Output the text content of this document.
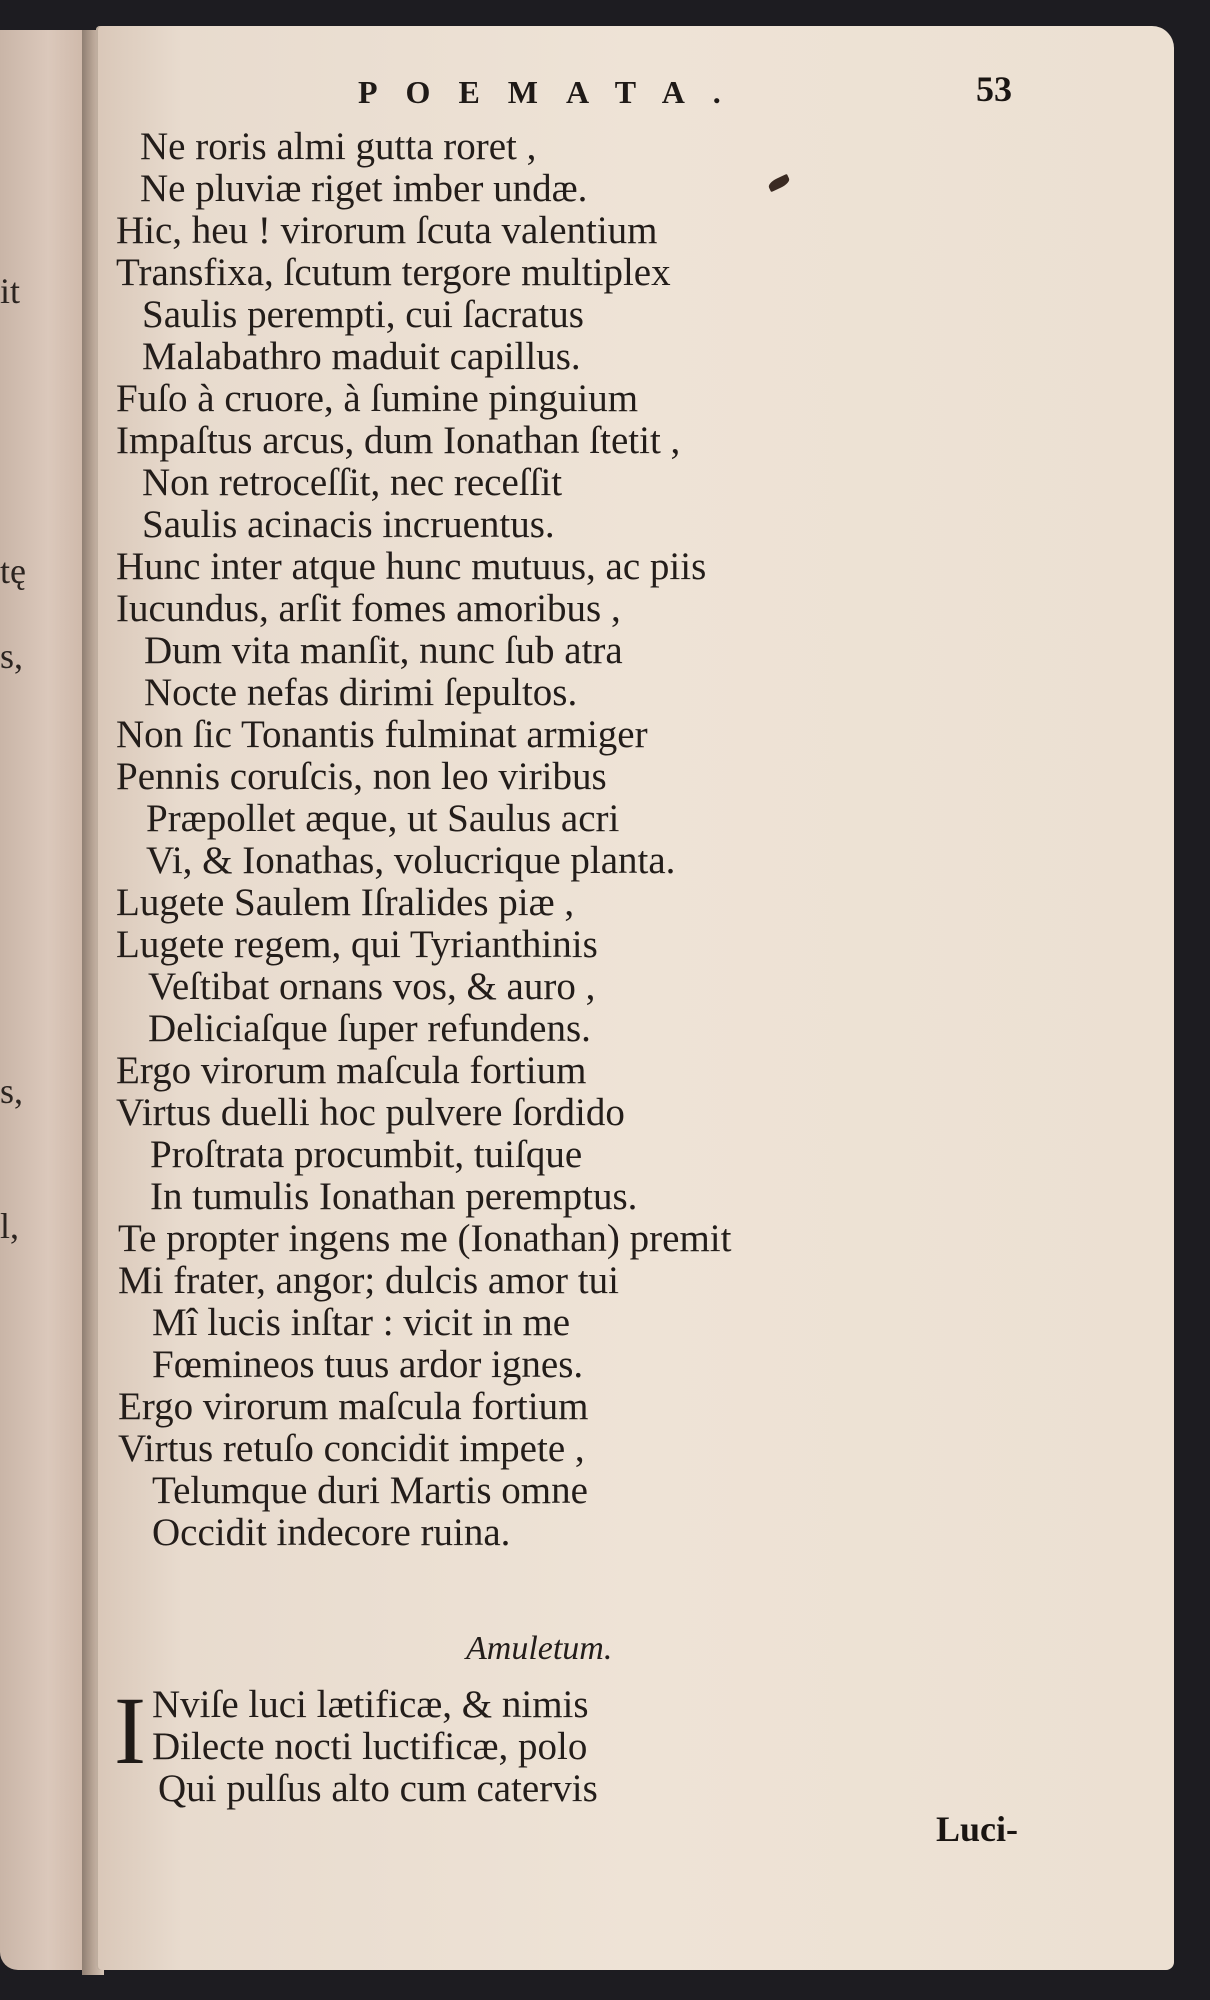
it
tę
s,
s,
l,
POEMATA.	53
Ne roris almi gutta roret ,
Ne pluviæ riget imber undæ.
Hic, heu ! virorum ſcuta valentium
Transfixa, ſcutum tergore multiplex
Saulis perempti, cui ſacratus
Malabathro maduit capillus.
Fuſo à cruore, à ſumine pinguium
Impaſtus arcus, dum Ionathan ſtetit ,
Non retroceſſit, nec receſſit
Saulis acinacis incruentus.
Hunc inter atque hunc mutuus, ac piis
Iucundus, arſit fomes amoribus ,
Dum vita manſit, nunc ſub atra
Nocte nefas dirimi ſepultos.
Non ſic Tonantis fulminat armiger
Pennis coruſcis, non leo viribus
Præpollet æque, ut Saulus acri
Vi, & Ionathas, volucrique planta.
Lugete Saulem Iſralides piæ ,
Lugete regem, qui Tyrianthinis
Veſtibat ornans vos, & auro ,
Deliciaſque ſuper refundens.
Ergo virorum maſcula fortium
Virtus duelli hoc pulvere ſordido
Proſtrata procumbit, tuiſque
In tumulis Ionathan peremptus.
Te propter ingens me (Ionathan) premit
Mi frater, angor; dulcis amor tui
Mî lucis inſtar : vicit in me
Fœmineos tuus ardor ignes.
Ergo virorum maſcula fortium
Virtus retuſo concidit impete ,
Telumque duri Martis omne
Occidit indecore ruina.
Amuletum.
I Nviſe luci lætificæ, & nimis
Dilecte nocti luctificæ, polo
Qui pulſus alto cum catervis
Luci-
